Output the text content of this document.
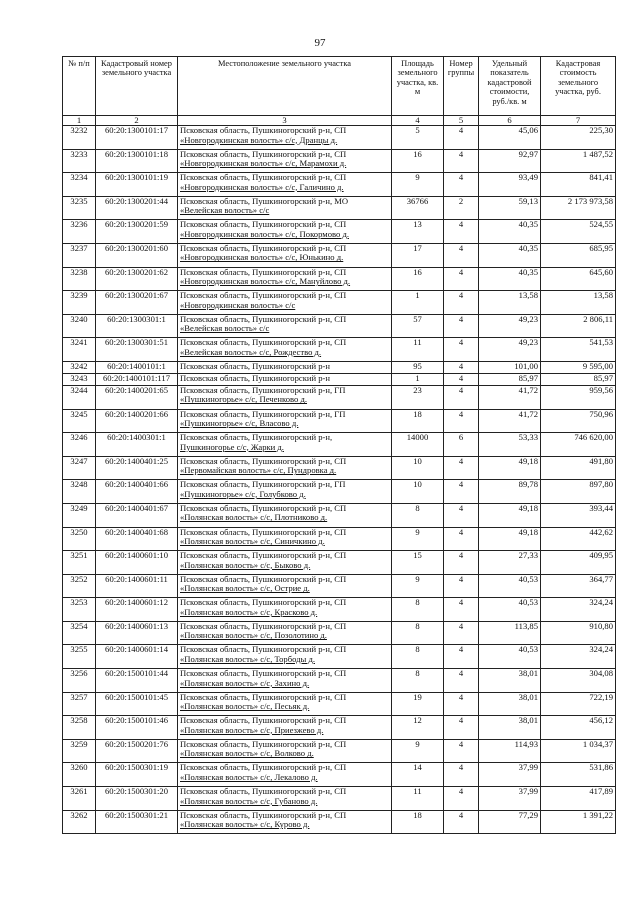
97
№ п/п	Кадастровый номер земельного участка	Местоположение земельного участка	Площадь земельного участка, кв. м	Номер группы	Удельный показатель кадастровой стоимости, руб./кв. м	Кадастровая стоимость земельного участка, руб.
1	2	3	4	5	6	7
3232	60:20:1300101:17	Псковская область, Пушкиногорский р-н, СП
«Новгородкинская волость» с/с, Дранцы д.	5	4	45,06	225,30
3233	60:20:1300101:18	Псковская область, Пушкиногорский р-н, СП
«Новгородкинская волость» с/с, Марамохи д.	16	4	92,97	1 487,52
3234	60:20:1300101:19	Псковская область, Пушкиногорский р-н, СП
«Новгородкинская волость» с/с, Галичино д.	9	4	93,49	841,41
3235	60:20:1300201:44	Псковская область, Пушкиногорский р-н, МО
«Велейская волость» с/с	36766	2	59,13	2 173 973,58
3236	60:20:1300201:59	Псковская область, Пушкиногорский р-н, СП
«Новгородкинская волость» с/с, Покормово д.	13	4	40,35	524,55
3237	60:20:1300201:60	Псковская область, Пушкиногорский р-н, СП
«Новгородкинская волость» с/с, Юнькино д.	17	4	40,35	685,95
3238	60:20:1300201:62	Псковская область, Пушкиногорский р-н, СП
«Новгородкинская волость» с/с, Мануйлово д.	16	4	40,35	645,60
3239	60:20:1300201:67	Псковская область, Пушкиногорский р-н, СП
«Новгородкинская волость» с/с	1	4	13,58	13,58
3240	60:20:1300301:1	Псковская область, Пушкиногорский р-н, СП
«Велейская волость» с/с	57	4	49,23	2 806,11
3241	60:20:1300301:51	Псковская область, Пушкиногорский р-н, СП
«Велейская волость» с/с, Рождество д.	11	4	49,23	541,53
3242	60:20:1400101:1	Псковская область, Пушкиногорский р-н	95	4	101,00	9 595,00
3243	60:20:1400101:117	Псковская область, Пушкиногорский р-н	1	4	85,97	85,97
3244	60:20:1400201:65	Псковская область, Пушкиногорский р-н, ГП
«Пушкиногорье» с/с, Печенково д.	23	4	41,72	959,56
3245	60:20:1400201:66	Псковская область, Пушкиногорский р-н, ГП
«Пушкиногорье» с/с, Власово д.	18	4	41,72	750,96
3246	60:20:1400301:1	Псковская область, Пушкиногорский р-н,
Пушкиногорье с/с, Жарки д.	14000	6	53,33	746 620,00
3247	60:20:1400401:25	Псковская область, Пушкиногорский р-н, СП
«Первомайская волость» с/с, Пундровка д.	10	4	49,18	491,80
3248	60:20:1400401:66	Псковская область, Пушкиногорский р-н, ГП
«Пушкиногорье» с/с, Голубково д.	10	4	89,78	897,80
3249	60:20:1400401:67	Псковская область, Пушкиногорский р-н, СП
«Полянская волость» с/с, Плотниково д.	8	4	49,18	393,44
3250	60:20:1400401:68	Псковская область, Пушкиногорский р-н, СП
«Полянская волость» с/с, Синичкино д.	9	4	49,18	442,62
3251	60:20:1400601:10	Псковская область, Пушкиногорский р-н, СП
«Полянская волость» с/с, Быково д.	15	4	27,33	409,95
3252	60:20:1400601:11	Псковская область, Пушкиногорский р-н, СП
«Полянская волость» с/с, Острие д.	9	4	40,53	364,77
3253	60:20:1400601:12	Псковская область, Пушкиногорский р-н, СП
«Полянская волость» с/с, Красково д.	8	4	40,53	324,24
3254	60:20:1400601:13	Псковская область, Пушкиногорский р-н, СП
«Полянская волость» с/с, Позолотино д.	8	4	113,85	910,80
3255	60:20:1400601:14	Псковская область, Пушкиногорский р-н, СП
«Полянская волость» с/с, Торбоды д.	8	4	40,53	324,24
3256	60:20:1500101:44	Псковская область, Пушкиногорский р-н, СП
«Полянская волость» с/с, Захино д.	8	4	38,01	304,08
3257	60:20:1500101:45	Псковская область, Пушкиногорский р-н, СП
«Полянская волость» с/с, Песьяк д.	19	4	38,01	722,19
3258	60:20:1500101:46	Псковская область, Пушкиногорский р-н, СП
«Полянская волость» с/с, Приезжево д.	12	4	38,01	456,12
3259	60:20:1500201:76	Псковская область, Пушкиногорский р-н, СП
«Полянская волость» с/с, Волково д.	9	4	114,93	1 034,37
3260	60:20:1500301:19	Псковская область, Пушкиногорский р-н, СП
«Полянская волость» с/с, Лекалово д.	14	4	37,99	531,86
3261	60:20:1500301:20	Псковская область, Пушкиногорский р-н, СП
«Полянская волость» с/с, Губаново д.	11	4	37,99	417,89
3262	60:20:1500301:21	Псковская область, Пушкиногорский р-н, СП
«Полянская волость» с/с, Курово д.	18	4	77,29	1 391,22
